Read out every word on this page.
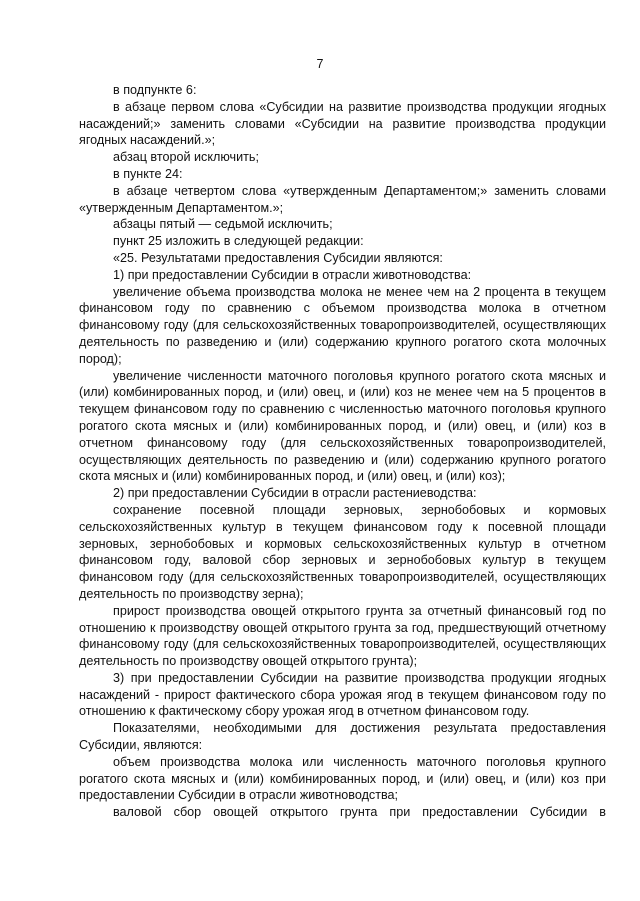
7

в подпункте 6:

в абзаце первом слова «Субсидии на развитие производства продукции ягодных насаждений;» заменить словами «Субсидии на развитие производства продукции ягодных насаждений.»;

абзац второй исключить;

в пункте 24:

в абзаце четвертом слова «утвержденным Департаментом;» заменить словами «утвержденным Департаментом.»;

абзацы пятый — седьмой исключить;

пункт 25 изложить в следующей редакции:

«25. Результатами предоставления Субсидии являются:

1) при предоставлении Субсидии в отрасли животноводства:

увеличение объема производства молока не менее чем на 2 процента в текущем финансовом году по сравнению с объемом производства молока в отчетном финансовому году (для сельскохозяйственных товаропроизводителей, осуществляющих деятельность по разведению и (или) содержанию крупного рогатого скота молочных пород);

увеличение численности маточного поголовья крупного рогатого скота мясных и (или) комбинированных пород, и (или) овец, и (или) коз не менее чем на 5 процентов в текущем финансовом году по сравнению с численностью маточного поголовья крупного рогатого скота мясных и (или) комбинированных пород, и (или) овец, и (или) коз в отчетном финансовому году (для сельскохозяйственных товаропроизводителей, осуществляющих деятельность по разведению и (или) содержанию крупного рогатого скота мясных и (или) комбинированных пород, и (или) овец, и (или) коз);

2) при предоставлении Субсидии в отрасли растениеводства:

сохранение посевной площади зерновых, зернобобовых и кормовых сельскохозяйственных культур в текущем финансовом году к посевной площади зерновых, зернобобовых и кормовых сельскохозяйственных культур в отчетном финансовом году, валовой сбор зерновых и зернобобовых культур в текущем финансовом году (для сельскохозяйственных товаропроизводителей, осуществляющих деятельность по производству зерна);

прирост производства овощей открытого грунта за отчетный финансовый год по отношению к производству овощей открытого грунта за год, предшествующий отчетному финансовому году (для сельскохозяйственных товаропроизводителей, осуществляющих деятельность по производству овощей открытого грунта);

3) при предоставлении Субсидии на развитие производства продукции ягодных насаждений - прирост фактического сбора урожая ягод в текущем финансовом году по отношению к фактическому сбору урожая ягод в отчетном финансовом году.

Показателями, необходимыми для достижения результата предоставления Субсидии, являются:

объем производства молока или численность маточного поголовья крупного рогатого скота мясных и (или) комбинированных пород, и (или) овец, и (или) коз при предоставлении Субсидии в отрасли животноводства;

валовой сбор овощей открытого грунта при предоставлении Субсидии в
